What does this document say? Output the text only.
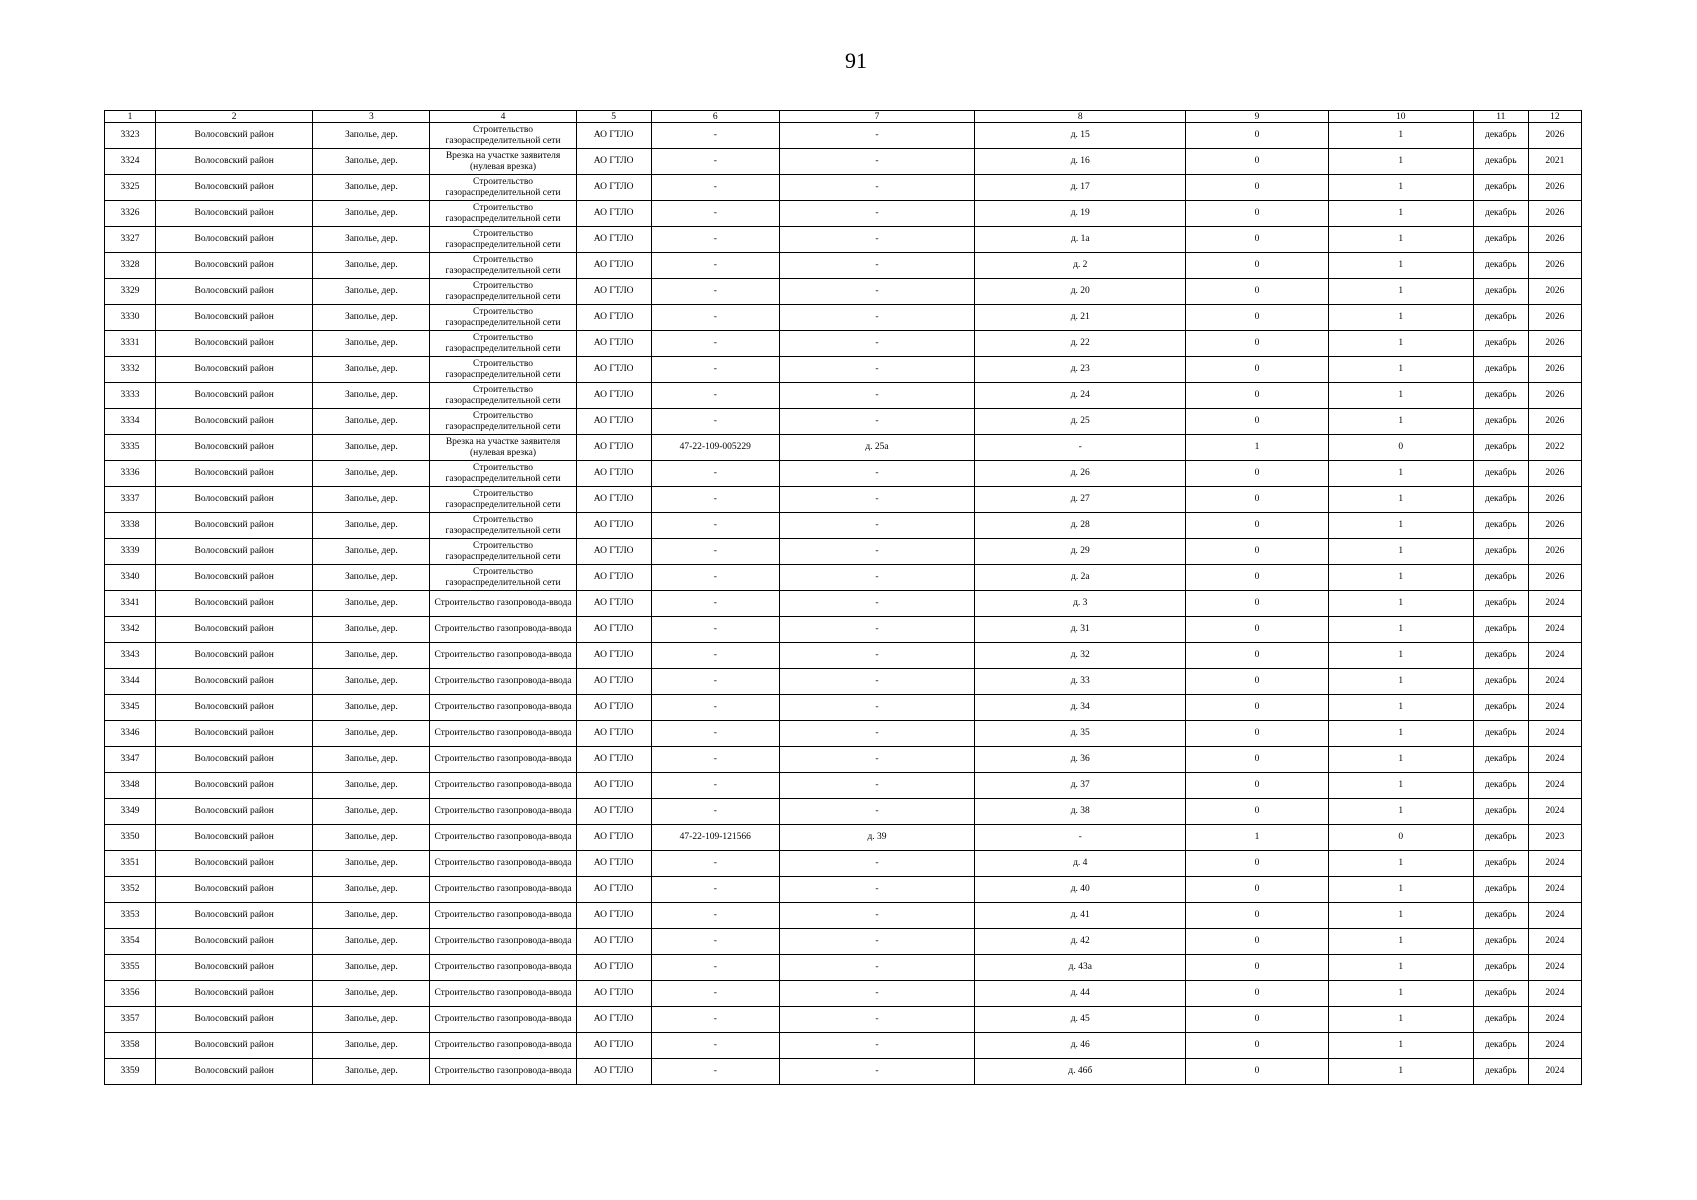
91
1	2	3	4	5	6	7	8	9	10	11	12
3323	Волосовский район	Заполье, дер.	Строительство газораспределительной сети	АО ГТЛО	-	-	д. 15	0	1	декабрь	2026
3324	Волосовский район	Заполье, дер.	Врезка на участке заявителя (нулевая врезка)	АО ГТЛО	-	-	д. 16	0	1	декабрь	2021
3325	Волосовский район	Заполье, дер.	Строительство газораспределительной сети	АО ГТЛО	-	-	д. 17	0	1	декабрь	2026
3326	Волосовский район	Заполье, дер.	Строительство газораспределительной сети	АО ГТЛО	-	-	д. 19	0	1	декабрь	2026
3327	Волосовский район	Заполье, дер.	Строительство газораспределительной сети	АО ГТЛО	-	-	д. 1а	0	1	декабрь	2026
3328	Волосовский район	Заполье, дер.	Строительство газораспределительной сети	АО ГТЛО	-	-	д. 2	0	1	декабрь	2026
3329	Волосовский район	Заполье, дер.	Строительство газораспределительной сети	АО ГТЛО	-	-	д. 20	0	1	декабрь	2026
3330	Волосовский район	Заполье, дер.	Строительство газораспределительной сети	АО ГТЛО	-	-	д. 21	0	1	декабрь	2026
3331	Волосовский район	Заполье, дер.	Строительство газораспределительной сети	АО ГТЛО	-	-	д. 22	0	1	декабрь	2026
3332	Волосовский район	Заполье, дер.	Строительство газораспределительной сети	АО ГТЛО	-	-	д. 23	0	1	декабрь	2026
3333	Волосовский район	Заполье, дер.	Строительство газораспределительной сети	АО ГТЛО	-	-	д. 24	0	1	декабрь	2026
3334	Волосовский район	Заполье, дер.	Строительство газораспределительной сети	АО ГТЛО	-	-	д. 25	0	1	декабрь	2026
3335	Волосовский район	Заполье, дер.	Врезка на участке заявителя (нулевая врезка)	АО ГТЛО	47-22-109-005229	д. 25а	-	1	0	декабрь	2022
3336	Волосовский район	Заполье, дер.	Строительство газораспределительной сети	АО ГТЛО	-	-	д. 26	0	1	декабрь	2026
3337	Волосовский район	Заполье, дер.	Строительство газораспределительной сети	АО ГТЛО	-	-	д. 27	0	1	декабрь	2026
3338	Волосовский район	Заполье, дер.	Строительство газораспределительной сети	АО ГТЛО	-	-	д. 28	0	1	декабрь	2026
3339	Волосовский район	Заполье, дер.	Строительство газораспределительной сети	АО ГТЛО	-	-	д. 29	0	1	декабрь	2026
3340	Волосовский район	Заполье, дер.	Строительство газораспределительной сети	АО ГТЛО	-	-	д. 2а	0	1	декабрь	2026
3341	Волосовский район	Заполье, дер.	Строительство газопровода-ввода	АО ГТЛО	-	-	д. 3	0	1	декабрь	2024
3342	Волосовский район	Заполье, дер.	Строительство газопровода-ввода	АО ГТЛО	-	-	д. 31	0	1	декабрь	2024
3343	Волосовский район	Заполье, дер.	Строительство газопровода-ввода	АО ГТЛО	-	-	д. 32	0	1	декабрь	2024
3344	Волосовский район	Заполье, дер.	Строительство газопровода-ввода	АО ГТЛО	-	-	д. 33	0	1	декабрь	2024
3345	Волосовский район	Заполье, дер.	Строительство газопровода-ввода	АО ГТЛО	-	-	д. 34	0	1	декабрь	2024
3346	Волосовский район	Заполье, дер.	Строительство газопровода-ввода	АО ГТЛО	-	-	д. 35	0	1	декабрь	2024
3347	Волосовский район	Заполье, дер.	Строительство газопровода-ввода	АО ГТЛО	-	-	д. 36	0	1	декабрь	2024
3348	Волосовский район	Заполье, дер.	Строительство газопровода-ввода	АО ГТЛО	-	-	д. 37	0	1	декабрь	2024
3349	Волосовский район	Заполье, дер.	Строительство газопровода-ввода	АО ГТЛО	-	-	д. 38	0	1	декабрь	2024
3350	Волосовский район	Заполье, дер.	Строительство газопровода-ввода	АО ГТЛО	47-22-109-121566	д. 39	-	1	0	декабрь	2023
3351	Волосовский район	Заполье, дер.	Строительство газопровода-ввода	АО ГТЛО	-	-	д. 4	0	1	декабрь	2024
3352	Волосовский район	Заполье, дер.	Строительство газопровода-ввода	АО ГТЛО	-	-	д. 40	0	1	декабрь	2024
3353	Волосовский район	Заполье, дер.	Строительство газопровода-ввода	АО ГТЛО	-	-	д. 41	0	1	декабрь	2024
3354	Волосовский район	Заполье, дер.	Строительство газопровода-ввода	АО ГТЛО	-	-	д. 42	0	1	декабрь	2024
3355	Волосовский район	Заполье, дер.	Строительство газопровода-ввода	АО ГТЛО	-	-	д. 43а	0	1	декабрь	2024
3356	Волосовский район	Заполье, дер.	Строительство газопровода-ввода	АО ГТЛО	-	-	д. 44	0	1	декабрь	2024
3357	Волосовский район	Заполье, дер.	Строительство газопровода-ввода	АО ГТЛО	-	-	д. 45	0	1	декабрь	2024
3358	Волосовский район	Заполье, дер.	Строительство газопровода-ввода	АО ГТЛО	-	-	д. 46	0	1	декабрь	2024
3359	Волосовский район	Заполье, дер.	Строительство газопровода-ввода	АО ГТЛО	-	-	д. 46б	0	1	декабрь	2024
